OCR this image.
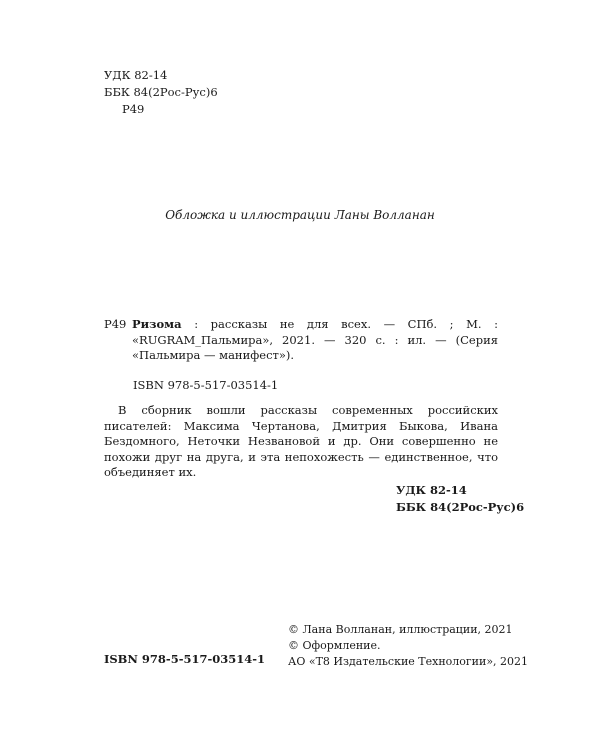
УДК 82-14
ББК 84(2Рос-Рус)6
Р49
Обложка и иллюстрации Ланы Волланан
Р49 Ризома : рассказы не для всех. — СПб. ; М. : «RUGRAM_Пальмира», 2021. — 320 с. : ил. — (Серия «Пальмира — манифест»).
ISBN 978-5-517-03514-1
В сборник вошли рассказы современных российских писателей: Максима Чертанова, Дмитрия Быкова, Ивана Бездомного, Неточки Незвановой и др. Они совершенно не похожи друг на друга, и эта непохожесть — единственное, что объединяет их.
УДК 82-14
ББК 84(2Рос-Рус)6
© Лана Волланан, иллюстрации, 2021
© Оформление.
АО «Т8 Издательские Технологии», 2021
ISBN 978-5-517-03514-1
